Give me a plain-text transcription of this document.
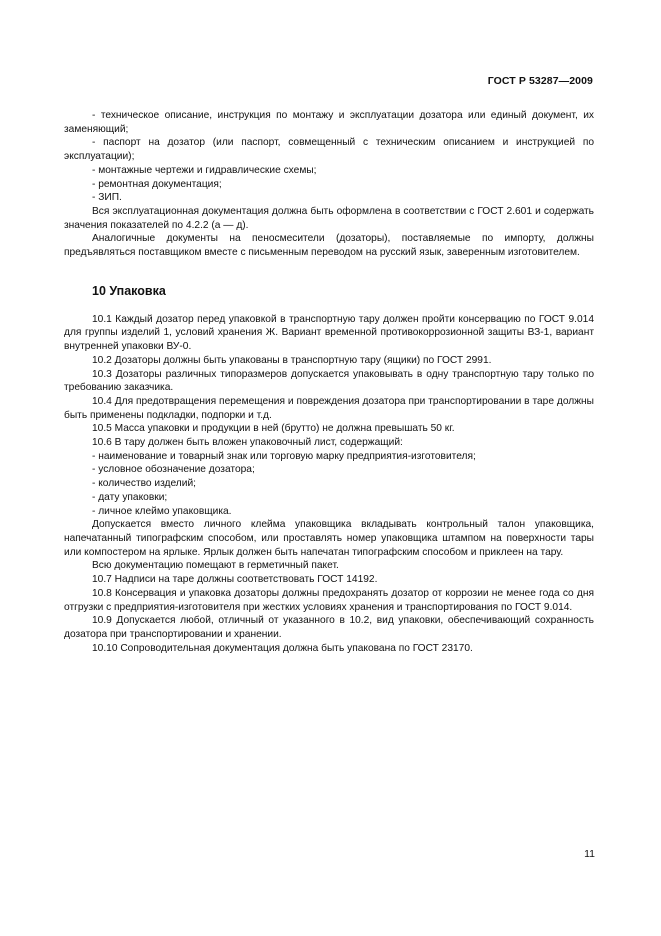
ГОСТ Р 53287—2009

- техническое описание, инструкция по монтажу и эксплуатации дозатора или единый документ, их заменяющий;

- паспорт на дозатор (или паспорт, совмещенный с техническим описанием и инструкцией по эксплуатации);

- монтажные чертежи и гидравлические схемы;

- ремонтная документация;

- ЗИП.

Вся эксплуатационная документация должна быть оформлена в соответствии с ГОСТ 2.601 и содержать значения показателей по 4.2.2 (а — д).

Аналогичные документы на пеносмесители (дозаторы), поставляемые по импорту, должны предъявляться поставщиком вместе с письменным переводом на русский язык, заверенным изготовителем.

10 Упаковка

10.1 Каждый дозатор перед упаковкой в транспортную тару должен пройти консервацию по ГОСТ 9.014 для группы изделий 1, условий хранения Ж. Вариант временной противокоррозионной защиты ВЗ-1, вариант внутренней упаковки ВУ-0.

10.2 Дозаторы должны быть упакованы в транспортную тару (ящики) по ГОСТ 2991.

10.3 Дозаторы различных типоразмеров допускается упаковывать в одну транспортную тару только по требованию заказчика.

10.4 Для предотвращения перемещения и повреждения дозатора при транспортировании в таре должны быть применены подкладки, подпорки и т.д.

10.5 Масса упаковки и продукции в ней (брутто) не должна превышать 50 кг.

10.6 В тару должен быть вложен упаковочный лист, содержащий:

- наименование и товарный знак или торговую марку предприятия-изготовителя;

- условное обозначение дозатора;

- количество изделий;

- дату упаковки;

- личное клеймо упаковщика.

Допускается вместо личного клейма упаковщика вкладывать контрольный талон упаковщика, напечатанный типографским способом, или проставлять номер упаковщика штампом на поверхности тары или компостером на ярлыке. Ярлык должен быть напечатан типографским способом и приклеен на тару.

Всю документацию помещают в герметичный пакет.

10.7 Надписи на таре должны соответствовать ГОСТ 14192.

10.8 Консервация и упаковка дозаторы должны предохранять дозатор от коррозии не менее года со дня отгрузки с предприятия-изготовителя при жестких условиях хранения и транспортирования по ГОСТ 9.014.

10.9 Допускается любой, отличный от указанного в 10.2, вид упаковки, обеспечивающий сохранность дозатора при транспортировании и хранении.

10.10 Сопроводительная документация должна быть упакована по ГОСТ 23170.

11
